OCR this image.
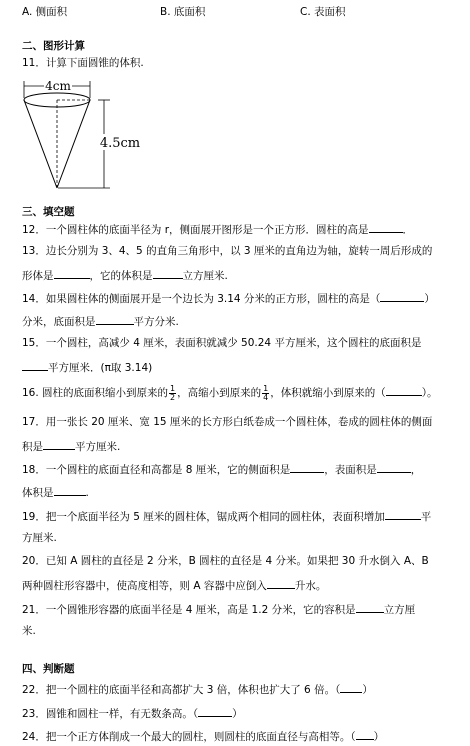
A. 侧面积	B. 底面积	C. 表面积
二、图形计算
11．计算下面圆锥的体积.
4cm
4.5cm
三、填空题
12．一个圆柱体的底面半径为 r，侧面展开图形是一个正方形．圆柱的高是	．
13．边长分别为 3、4、5 的直角三角形中，以 3 厘米的直角边为轴，旋转一周后形成的
形体是	，它的体积是	立方厘米.
14．如果圆柱体的侧面展开是一个边长为 3.14 分米的正方形，圆柱的高是（	）
分米，底面积是	平方分米.
15．一个圆柱，高减少 4 厘米，表面积就减少 50.24 平方厘米，这个圆柱的底面积是
平方厘米．(π取 3.14)
16. 圆柱的底面积缩小到原来的 $\frac{1}{2}$ ，高缩小到原来的 $\frac{1}{4}$ ，体积就缩小到原来的（	）。
17．用一张长 20 厘米、宽 15 厘米的长方形白纸卷成一个圆柱体，卷成的圆柱体的侧面
积是	平方厘米.
18．一个圆柱的底面直径和高都是 8 厘米，它的侧面积是	，表面积是	，
体积是	.
19．把一个底面半径为 5 厘米的圆柱体，锯成两个相同的圆柱体，表面积增加	平
方厘米.
20．已知 A 圆柱的直径是 2 分米，B 圆柱的直径是 4 分米。如果把 30 升水倒入 A、B
两种圆柱形容器中，使高度相等，则 A 容器中应倒入	升水。
21．一个圆锥形容器的底面半径是 4 厘米，高是 1.2 分米，它的容积是	立方厘
米.
四、判断题
22．把一个圆柱的底面半径和高都扩大 3 倍，体积也扩大了 6 倍。（ ）
23．圆锥和圆柱一样，有无数条高。（	）
24．把一个正方体削成一个最大的圆柱，则圆柱的底面直径与高相等。（ ）
